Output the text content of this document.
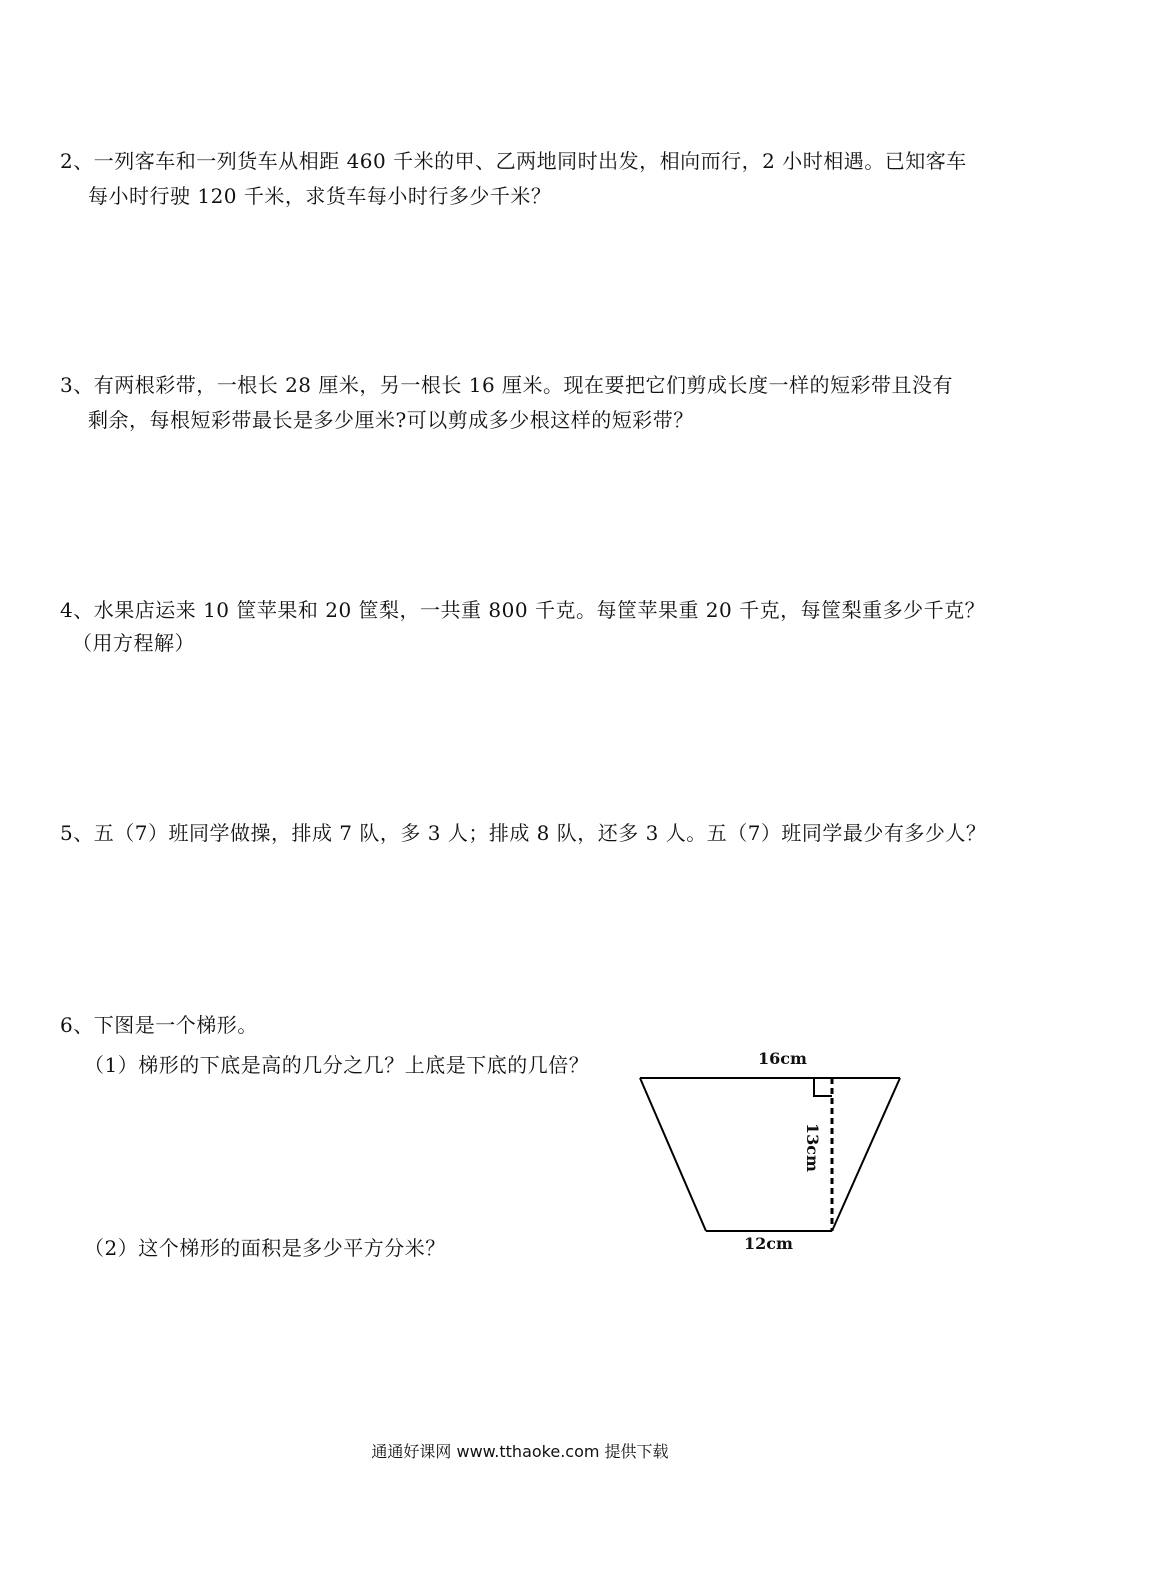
2、一列客车和一列货车从相距 460 千米的甲、乙两地同时出发，相向而行，2 小时相遇。已知客车
每小时行驶 120 千米，求货车每小时行多少千米？
3、有两根彩带，一根长 28 厘米，另一根长 16 厘米。现在要把它们剪成长度一样的短彩带且没有
剩余，每根短彩带最长是多少厘米?可以剪成多少根这样的短彩带？
4、水果店运来 10 筐苹果和 20 筐梨，一共重 800 千克。每筐苹果重 20 千克，每筐梨重多少千克？
（用方程解）
5、五（7）班同学做操，排成 7 队，多 3 人；排成 8 队，还多 3 人。五（7）班同学最少有多少人？
6、下图是一个梯形。
（1）梯形的下底是高的几分之几？上底是下底的几倍？
（2）这个梯形的面积是多少平方分米？
16cm
13cm
12cm
通通好课网 www.tthaoke.com 提供下载
